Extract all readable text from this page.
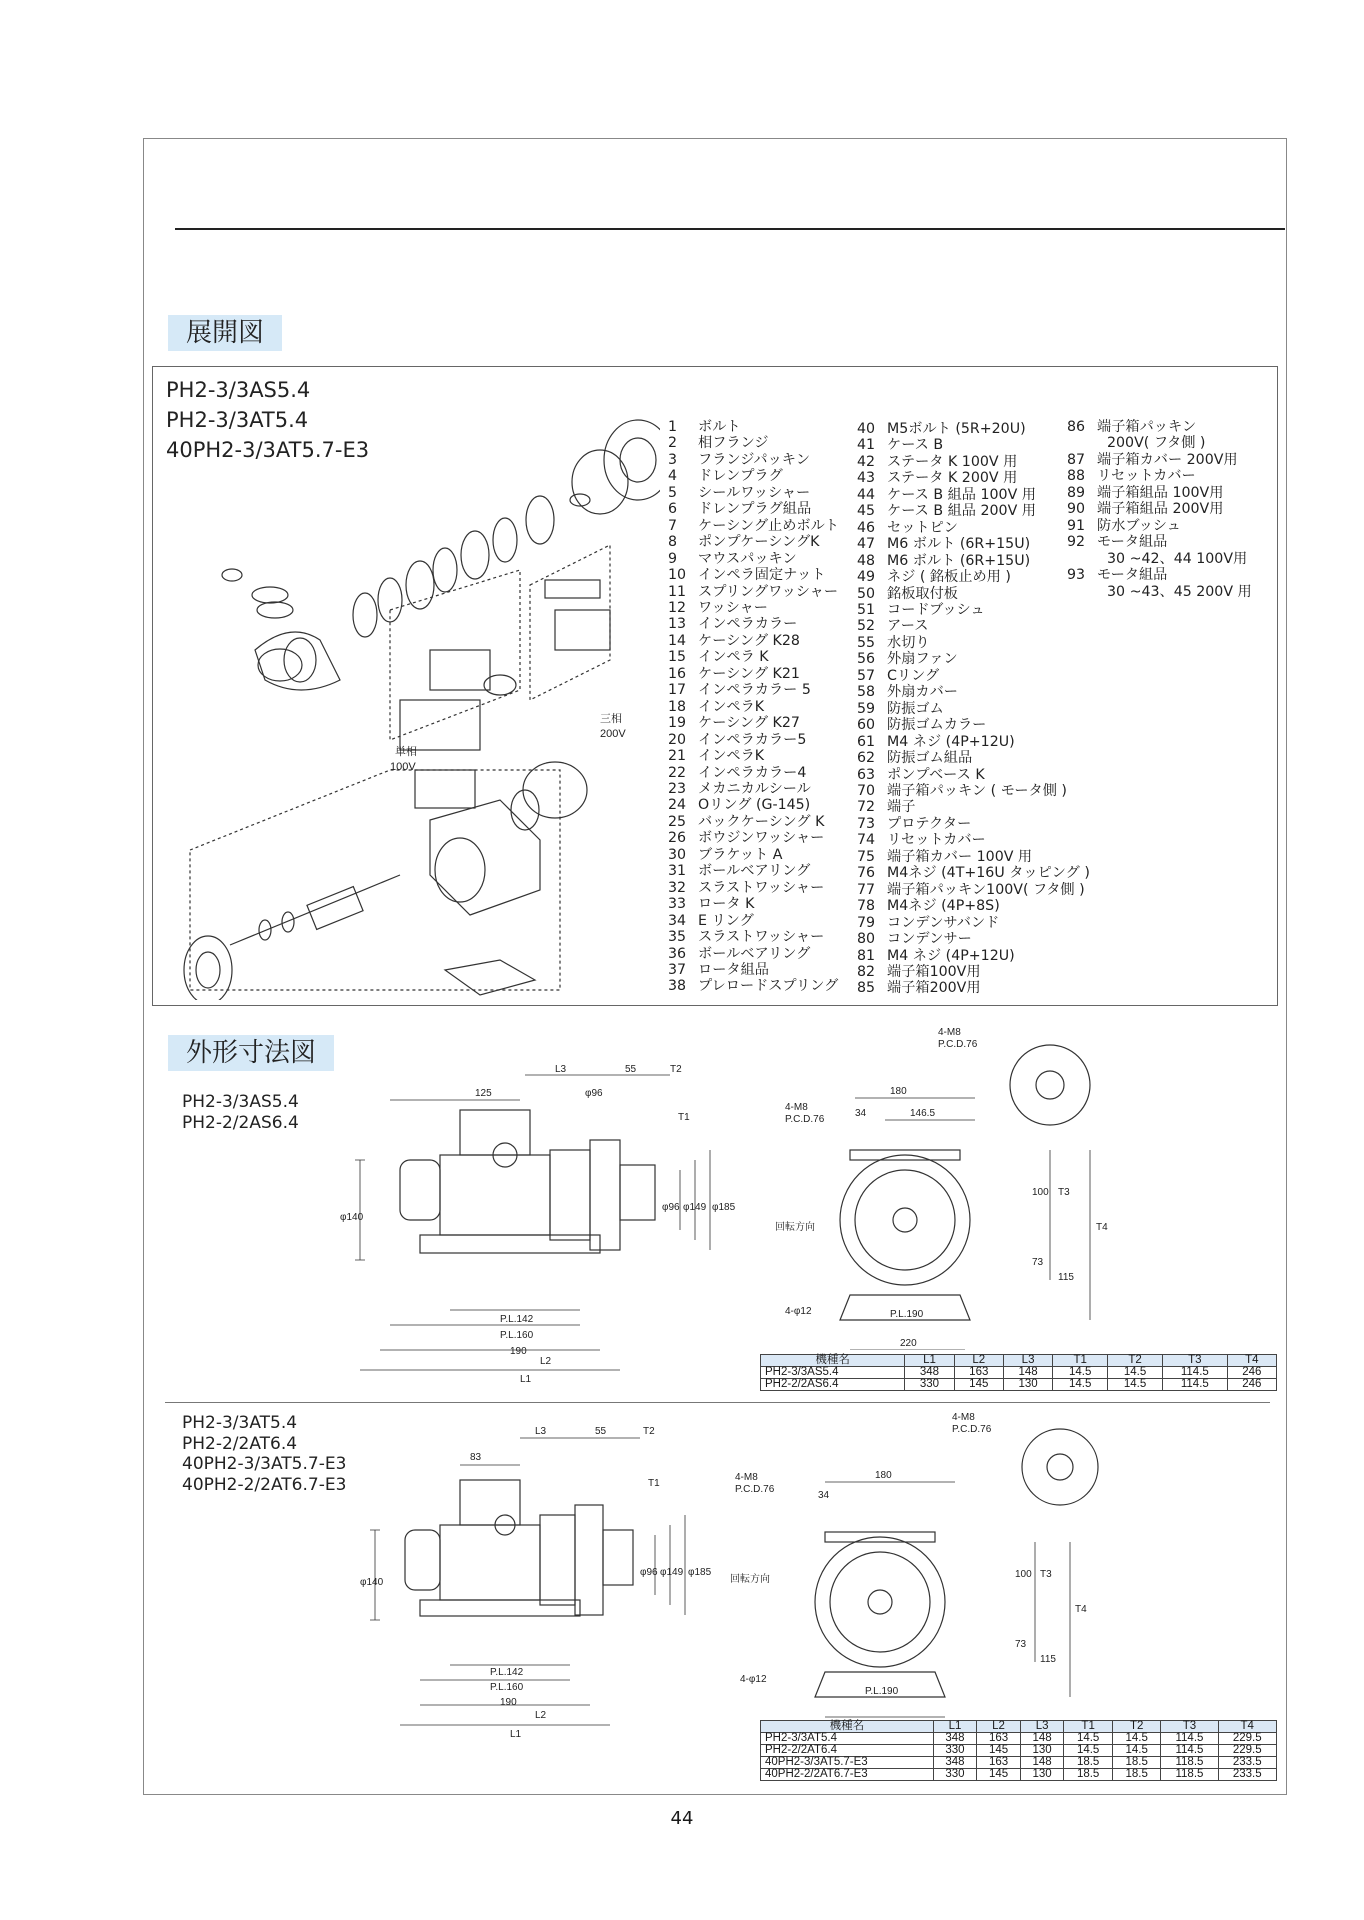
展開図
PH2-3/3AS5.4
PH2-3/3AT5.4
40PH2-3/3AT5.7-E3
単相
100V
三相
200V
1 ボルト
2 相フランジ
3 フランジパッキン
4 ドレンプラグ
5 シールワッシャー
6 ドレンプラグ組品
7 ケーシング止めボルト
8 ポンプケーシングK
9 マウスパッキン
10 インペラ固定ナット
11 スプリングワッシャー
12 ワッシャー
13 インペラカラー
14 ケーシング K28
15 インペラ K
16 ケーシング K21
17 インペラカラー 5
18 インペラK
19 ケーシング K27
20 インペラカラー5
21 インペラK
22 インペラカラー4
23 メカニカルシール
24 Oリング (G-145)
25 バックケーシング K
26 ボウジンワッシャー
30 ブラケット A
31 ボールベアリング
32 スラストワッシャー
33 ロータ K
34 E リング
35 スラストワッシャー
36 ボールベアリング
37 ロータ組品
38 プレロードスプリング
40 M5ボルト (5R+20U)
41 ケース B
42 ステータ K 100V 用
43 ステータ K 200V 用
44 ケース B 組品 100V 用
45 ケース B 組品 200V 用
46 セットピン
47 M6 ボルト (6R+15U)
48 M6 ボルト (6R+15U)
49 ネジ ( 銘板止め用 )
50 銘板取付板
51 コードブッシュ
52 アース
55 水切り
56 外扇ファン
57 Cリング
58 外扇カバー
59 防振ゴム
60 防振ゴムカラー
61 M4 ネジ (4P+12U)
62 防振ゴム組品
63 ポンプベース K
70 端子箱パッキン ( モータ側 )
72 端子
73 プロテクター
74 リセットカバー
75 端子箱カバー 100V 用
76 M4ネジ (4T+16U タッピング )
77 端子箱パッキン100V( フタ側 )
78 M4ネジ (4P+8S)
79 コンデンサバンド
80 コンデンサー
81 M4 ネジ (4P+12U)
82 端子箱100V用
85 端子箱200V用
86 端子箱パッキン
200V( フタ側 )
87 端子箱カバー 200V用
88 リセットカバー
89 端子箱組品 100V用
90 端子箱組品 200V用
91 防水ブッシュ
92 モータ組品
30 ~42、44 100V用
93 モータ組品
30 ~43、45 200V 用
外形寸法図
PH2-3/3AS5.4
PH2-2/2AS6.4
L3	55	T2
125	φ96
T1
φ140
φ96 φ149 φ185
P.L.142
P.L.160
190
L2
L1
4-M8
P.C.D.76
4-M8
P.C.D.76
180
34	146.5
100 T3
T4
73
115
回転方向
4-φ12	P.L.190
220
機種名	L1	L2	L3	T1	T2	T3	T4
PH2-3/3AS5.4	348	163	148	14.5	14.5	114.5	246
PH2-2/2AS6.4	330	145	130	14.5	14.5	114.5	246
PH2-3/3AT5.4
PH2-2/2AT6.4
40PH2-3/3AT5.7-E3
40PH2-2/2AT6.7-E3
L3	55	T2
83
T1
φ140
φ96 φ149 φ185
P.L.142
P.L.160
190
L2
L1
4-M8
P.C.D.76
4-M8
P.C.D.76
180
34
100 T3
T4
73
115
回転方向
4-φ12
P.L.190
機種名	L1	L2	L3	T1	T2	T3	T4
PH2-3/3AT5.4	348	163	148	14.5	14.5	114.5	229.5
PH2-2/2AT6.4	330	145	130	14.5	14.5	114.5	229.5
40PH2-3/3AT5.7-E3	348	163	148	18.5	18.5	118.5	233.5
40PH2-2/2AT6.7-E3	330	145	130	18.5	18.5	118.5	233.5
44
